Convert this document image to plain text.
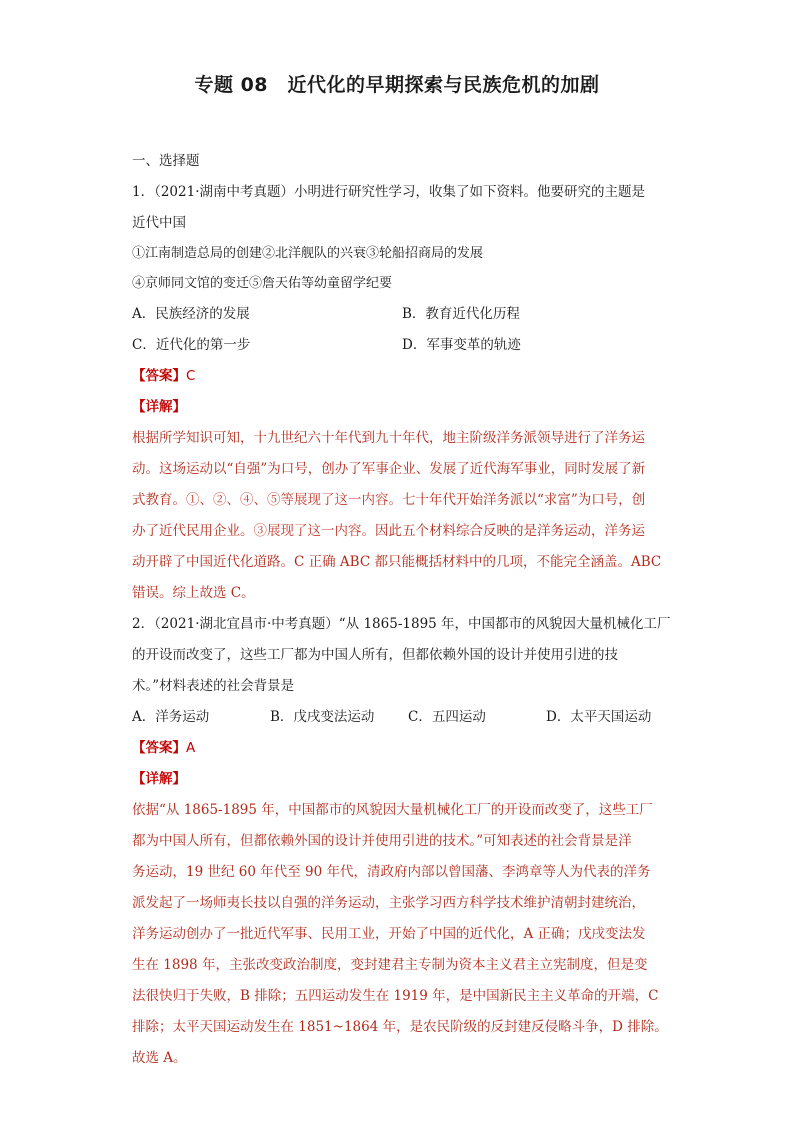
专题 08　近代化的早期探索与民族危机的加剧
一、选择题
1．（2021·湖南中考真题）小明进行研究性学习，收集了如下资料。他要研究的主题是
近代中国
①江南制造总局的创建②北洋舰队的兴衰③轮船招商局的发展
④京师同文馆的变迁⑤詹天佑等幼童留学纪要
A．民族经济的发展	B．教育近代化历程
C．近代化的第一步	D．军事变革的轨迹
【答案】C
【详解】
根据所学知识可知，十九世纪六十年代到九十年代，地主阶级洋务派领导进行了洋务运
动。这场运动以“自强”为口号，创办了军事企业、发展了近代海军事业，同时发展了新
式教育。①、②、④、⑤等展现了这一内容。七十年代开始洋务派以“求富”为口号，创
办了近代民用企业。③展现了这一内容。因此五个材料综合反映的是洋务运动，洋务运
动开辟了中国近代化道路。C 正确 ABC 都只能概括材料中的几项，不能完全涵盖。ABC
错误。综上故选 C。
2．（2021·湖北宜昌市·中考真题）“从 1865-1895 年，中国都市的风貌因大量机械化工厂
的开设而改变了，这些工厂都为中国人所有，但都依赖外国的设计并使用引进的技
术。”材料表述的社会背景是
A．洋务运动	B．戊戌变法运动	C．五四运动	D．太平天国运动
【答案】A
【详解】
依据“从 1865-1895 年，中国都市的风貌因大量机械化工厂的开设而改变了，这些工厂
都为中国人所有，但都依赖外国的设计并使用引进的技术。”可知表述的社会背景是洋
务运动，19 世纪 60 年代至 90 年代，清政府内部以曾国藩、李鸿章等人为代表的洋务
派发起了一场师夷长技以自强的洋务运动，主张学习西方科学技术维护清朝封建统治，
洋务运动创办了一批近代军事、民用工业，开始了中国的近代化，A 正确；戊戌变法发
生在 1898 年，主张改变政治制度，变封建君主专制为资本主义君主立宪制度，但是变
法很快归于失败，B 排除；五四运动发生在 1919 年，是中国新民主主义革命的开端，C
排除；太平天国运动发生在 1851~1864 年，是农民阶级的反封建反侵略斗争，D 排除。
故选 A。
